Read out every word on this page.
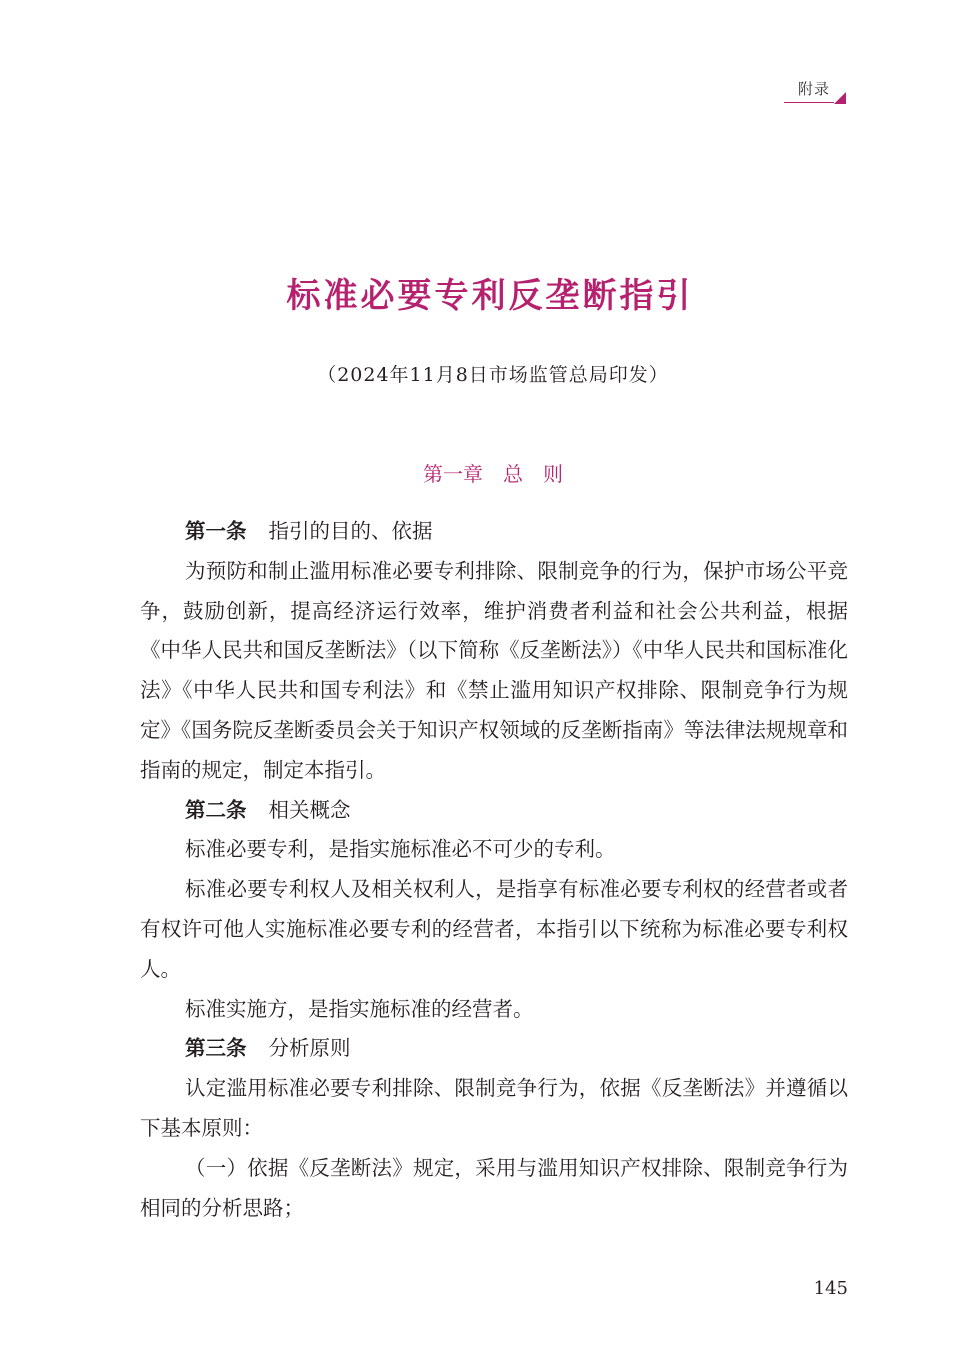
附录
标准必要专利反垄断指引
（2024年11月8日市场监管总局印发）
第一章　总　则

第一条 指引的目的、依据

为预防和制止滥用标准必要专利排除、限制竞争的行为，保护市场公平竞争，鼓励创新，提高经济运行效率，维护消费者利益和社会公共利益，根据《中华人民共和国反垄断法》（以下简称《反垄断法》）《中华人民共和国标准化法》《中华人民共和国专利法》和《禁止滥用知识产权排除、限制竞争行为规定》《国务院反垄断委员会关于知识产权领域的反垄断指南》等法律法规规章和指南的规定，制定本指引。

第二条 相关概念

标准必要专利，是指实施标准必不可少的专利。

标准必要专利权人及相关权利人，是指享有标准必要专利权的经营者或者有权许可他人实施标准必要专利的经营者，本指引以下统称为标准必要专利权人。

标准实施方，是指实施标准的经营者。

第三条 分析原则

认定滥用标准必要专利排除、限制竞争行为，依据《反垄断法》并遵循以下基本原则：

（一）依据《反垄断法》规定，采用与滥用知识产权排除、限制竞争行为相同的分析思路；

145
